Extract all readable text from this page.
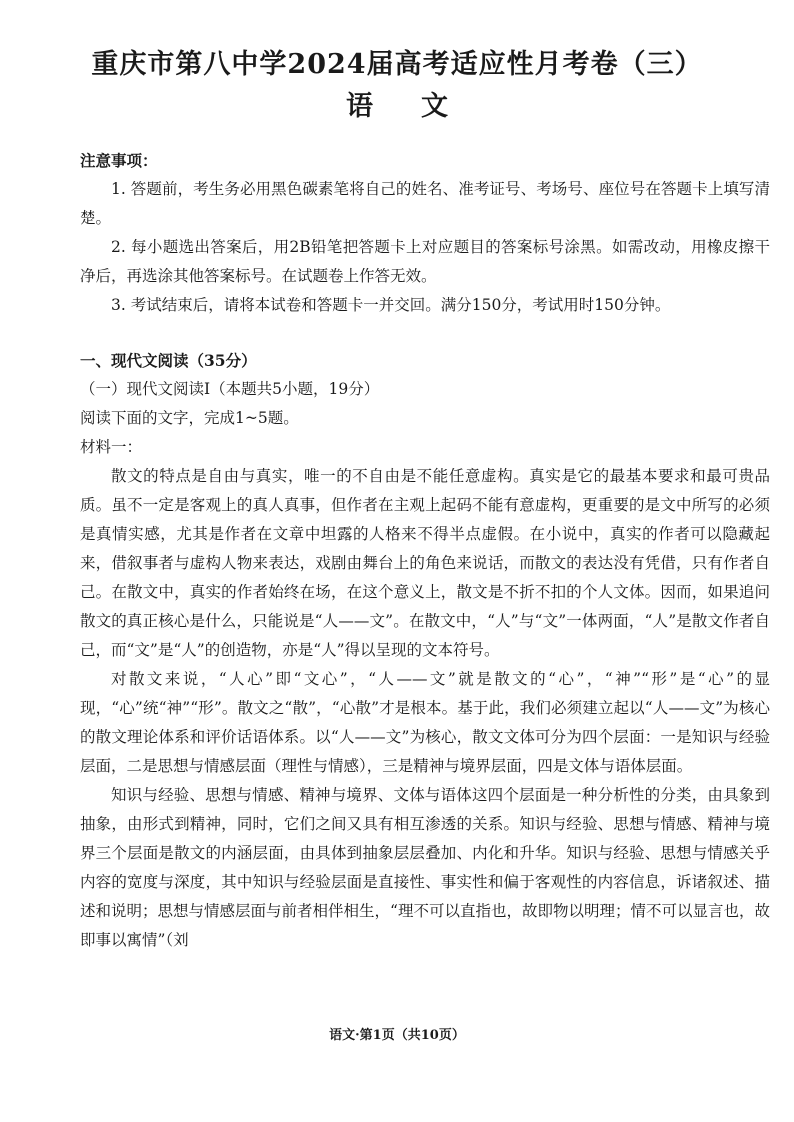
重庆市第八中学2024届高考适应性月考卷（三）
语 文

注意事项：

1. 答题前，考生务必用黑色碳素笔将自己的姓名、准考证号、考场号、座位号在答题卡上填写清楚。

2. 每小题选出答案后，用2B铅笔把答题卡上对应题目的答案标号涂黑。如需改动，用橡皮擦干净后，再选涂其他答案标号。在试题卷上作答无效。

3. 考试结束后，请将本试卷和答题卡一并交回。满分150分，考试用时150分钟。

一、现代文阅读（35分）

（一）现代文阅读Ⅰ（本题共5小题，19分）

阅读下面的文字，完成1~5题。

材料一：

散文的特点是自由与真实，唯一的不自由是不能任意虚构。真实是它的最基本要求和最可贵品质。虽不一定是客观上的真人真事，但作者在主观上起码不能有意虚构，更重要的是文中所写的必须是真情实感，尤其是作者在文章中坦露的人格来不得半点虚假。在小说中，真实的作者可以隐藏起来，借叙事者与虚构人物来表达，戏剧由舞台上的角色来说话，而散文的表达没有凭借，只有作者自己。在散文中，真实的作者始终在场，在这个意义上，散文是不折不扣的个人文体。因而，如果追问散文的真正核心是什么，只能说是“人——文”。在散文中，“人”与“文”一体两面，“人”是散文作者自己，而“文”是“人”的创造物，亦是“人”得以呈现的文本符号。

对散文来说，“人心”即“文心”，“人——文”就是散文的“心”，“神”“形”是“心”的显现，“心”统“神”“形”。散文之“散”，“心散”才是根本。基于此，我们必须建立起以“人——文”为核心的散文理论体系和评价话语体系。以“人——文”为核心，散文文体可分为四个层面：一是知识与经验层面，二是思想与情感层面（理性与情感），三是精神与境界层面，四是文体与语体层面。

知识与经验、思想与情感、精神与境界、文体与语体这四个层面是一种分析性的分类，由具象到抽象，由形式到精神，同时，它们之间又具有相互渗透的关系。知识与经验、思想与情感、精神与境界三个层面是散文的内涵层面，由具体到抽象层层叠加、内化和升华。知识与经验、思想与情感关乎内容的宽度与深度，其中知识与经验层面是直接性、事实性和偏于客观性的内容信息，诉诸叙述、描述和说明；思想与情感层面与前者相伴相生，“理不可以直指也，故即物以明理；情不可以显言也，故即事以寓情”（刘

语文·第1页（共10页）
